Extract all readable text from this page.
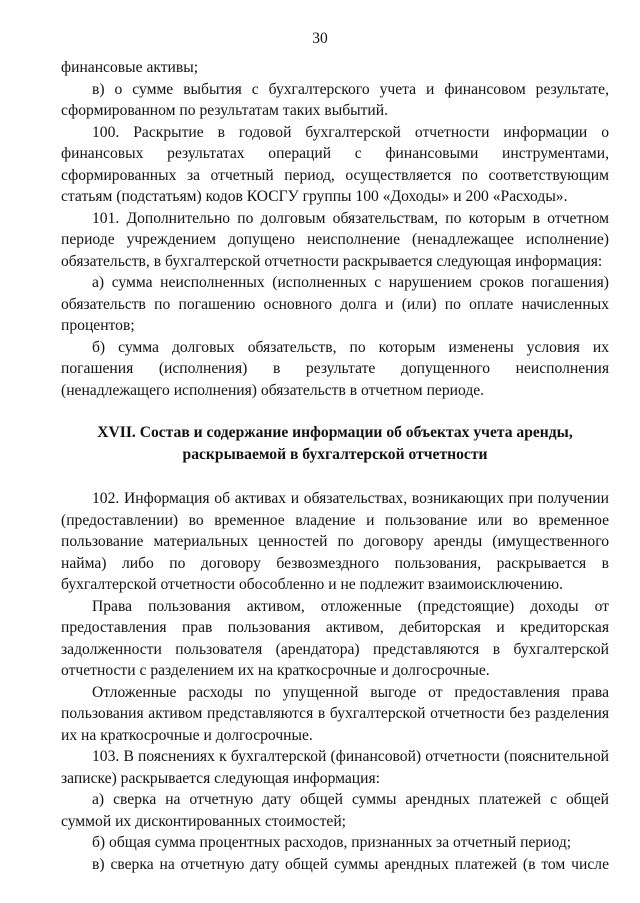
30

финансовые активы;

в) о сумме выбытия с бухгалтерского учета и финансовом результате, сформированном по результатам таких выбытий.

100. Раскрытие в годовой бухгалтерской отчетности информации о финансовых результатах операций с финансовыми инструментами, сформированных за отчетный период, осуществляется по соответствующим статьям (подстатьям) кодов КОСГУ группы 100 «Доходы» и 200 «Расходы».

101. Дополнительно по долговым обязательствам, по которым в отчетном периоде учреждением допущено неисполнение (ненадлежащее исполнение) обязательств, в бухгалтерской отчетности раскрывается следующая информация:

а) сумма неисполненных (исполненных с нарушением сроков погашения) обязательств по погашению основного долга и (или) по оплате начисленных процентов;

б) сумма долговых обязательств, по которым изменены условия их погашения (исполнения) в результате допущенного неисполнения (ненадлежащего исполнения) обязательств в отчетном периоде.

XVII. Состав и содержание информации об объектах учета аренды,
раскрываемой в бухгалтерской отчетности

102. Информация об активах и обязательствах, возникающих при получении (предоставлении) во временное владение и пользование или во временное пользование материальных ценностей по договору аренды (имущественного найма) либо по договору безвозмездного пользования, раскрывается в бухгалтерской отчетности обособленно и не подлежит взаимоисключению.

Права пользования активом, отложенные (предстоящие) доходы от предоставления прав пользования активом, дебиторская и кредиторская задолженности пользователя (арендатора) представляются в бухгалтерской отчетности с разделением их на краткосрочные и долгосрочные.

Отложенные расходы по упущенной выгоде от предоставления права пользования активом представляются в бухгалтерской отчетности без разделения их на краткосрочные и долгосрочные.

103. В пояснениях к бухгалтерской (финансовой) отчетности (пояснительной записке) раскрывается следующая информация:

а) сверка на отчетную дату общей суммы арендных платежей с общей суммой их дисконтированных стоимостей;

б) общая сумма процентных расходов, признанных за отчетный период;

в) сверка на отчетную дату общей суммы арендных платежей (в том числе
